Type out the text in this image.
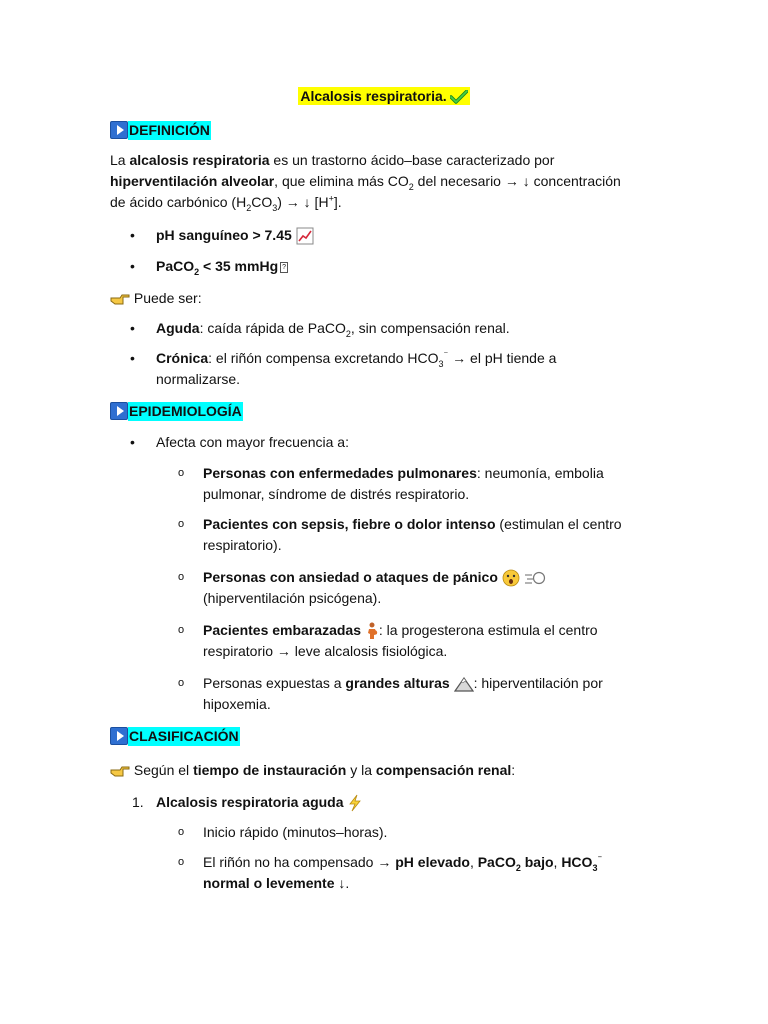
Alcalosis respiratoria.
DEFINICIÓN
La alcalosis respiratoria es un trastorno ácido–base caracterizado por
hiperventilación alveolar, que elimina más $CO_2$ del necesario → ↓ concentración
de ácido carbónico $(H_2CO_3)$ → ↓ [H+].
•	pH sanguíneo > 7.45
•	PaCO$_2$ < 35 mmHg ?
Puede ser:
•	Aguda: caída rápida de PaCO$_2$, sin compensación renal.
•	Crónica: el riñón compensa excretando $HCO_3^{^-}$ → el pH tiende a
normalizarse.
EPIDEMIOLOGÍA
•	Afecta con mayor frecuencia a:
o Personas con enfermedades pulmonares: neumonía, embolia
pulmonar, síndrome de distrés respiratorio.
o Pacientes con sepsis, fiebre o dolor intenso (estimulan el centro
respiratorio).
o Personas con ansiedad o ataques de pánico
(hiperventilación psicógena).
o Pacientes embarazadas : la progesterona estimula el centro
respiratorio → leve alcalosis fisiológica.
o Personas expuestas a grandes alturas : hiperventilación por
hipoxemia.
CLASIFICACIÓN
Según el tiempo de instauración y la compensación renal:
1. Alcalosis respiratoria aguda
o Inicio rápido (minutos–horas).
o El riñón no ha compensado → pH elevado, PaCO$_2$ bajo, $HCO_3^{^-}$
normal o levemente ↓.
